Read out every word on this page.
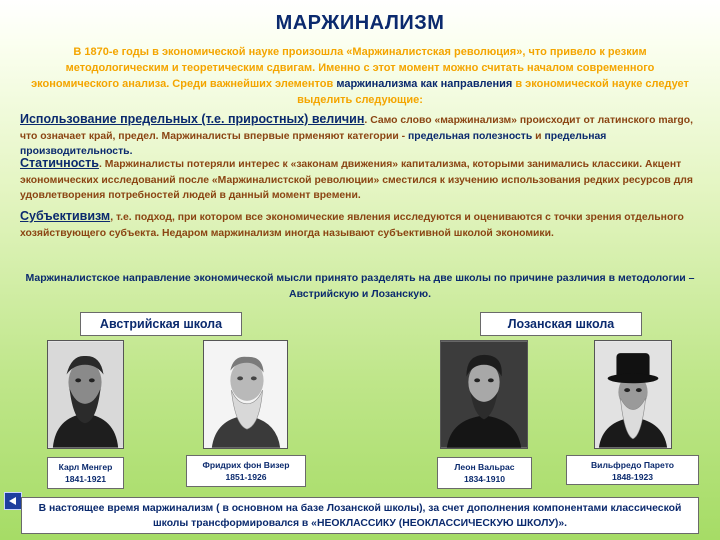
МАРЖИНАЛИЗМ
В 1870-е годы в экономической науке произошла «Маржиналистская революция», что привело к резким методологическим и теоретическим сдвигам. Именно с этот момент можно считать началом современного экономического анализа. Среди важнейших элементов маржинализма как направления в экономической науке следует выделить следующие:
Использование предельных (т.е. приростных) величин. Само слово «маржинализм» происходит от латинского margo, что означает край, предел. Маржиналисты впервые прменяют категории - предельная полезность и предельная производительность.
Статичность. Маржиналисты потеряли интерес к «законам движения» капитализма, которыми занимались классики. Акцент экономических исследований после «Маржиналистской революции» сместился к изучению использования редких ресурсов для удовлетворения потребностей людей в данный момент времени.
Субъективизм, т.е. подход, при котором все экономические явления исследуются и оцениваются с точки зрения отдельного хозяйствующего субъекта. Недаром маржинализм иногда называют субъективной школой экономики.
Маржиналистское направление экономической мысли принято разделять на две школы по причине различия в методологии – Австрийскую и Лозанскую.
Австрийская школа	Лозанская школа
Карл Менгер
1841-1921
Фридрих фон Визер
1851-1926
Леон Вальрас
1834-1910
Вильфредо Парето
1848-1923
В настоящее время маржинализм ( в основном на базе Лозанской школы), за счет дополнения компонентами классической школы трансформировался в «НЕОКЛАССИКУ (НЕОКЛАССИЧЕСКУЮ ШКОЛУ)».
